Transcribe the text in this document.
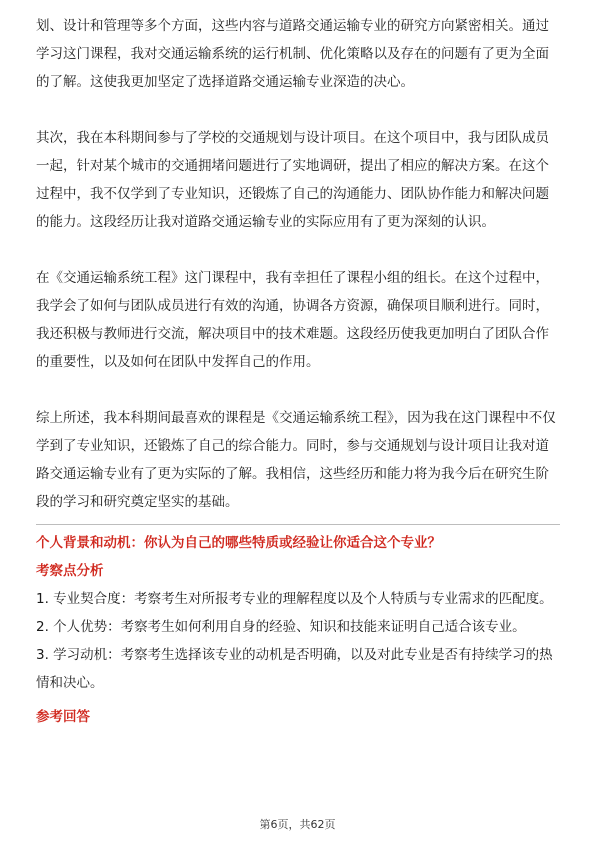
划、设计和管理等多个方面，这些内容与道路交通运输专业的研究方向紧密相关。通过学习这门课程，我对交通运输系统的运行机制、优化策略以及存在的问题有了更为全面的了解。这使我更加坚定了选择道路交通运输专业深造的决心。

其次，我在本科期间参与了学校的交通规划与设计项目。在这个项目中，我与团队成员一起，针对某个城市的交通拥堵问题进行了实地调研，提出了相应的解决方案。在这个过程中，我不仅学到了专业知识，还锻炼了自己的沟通能力、团队协作能力和解决问题的能力。这段经历让我对道路交通运输专业的实际应用有了更为深刻的认识。

在《交通运输系统工程》这门课程中，我有幸担任了课程小组的组长。在这个过程中，我学会了如何与团队成员进行有效的沟通，协调各方资源，确保项目顺利进行。同时，我还积极与教师进行交流，解决项目中的技术难题。这段经历使我更加明白了团队合作的重要性，以及如何在团队中发挥自己的作用。

综上所述，我本科期间最喜欢的课程是《交通运输系统工程》，因为我在这门课程中不仅学到了专业知识，还锻炼了自己的综合能力。同时，参与交通规划与设计项目让我对道路交通运输专业有了更为实际的了解。我相信，这些经历和能力将为我今后在研究生阶段的学习和研究奠定坚实的基础。

个人背景和动机：你认为自己的哪些特质或经验让你适合这个专业？

考察点分析

1. 专业契合度：考察考生对所报考专业的理解程度以及个人特质与专业需求的匹配度。

2. 个人优势：考察考生如何利用自身的经验、知识和技能来证明自己适合该专业。

3. 学习动机：考察考生选择该专业的动机是否明确，以及对此专业是否有持续学习的热情和决心。

参考回答

第6页，共62页
